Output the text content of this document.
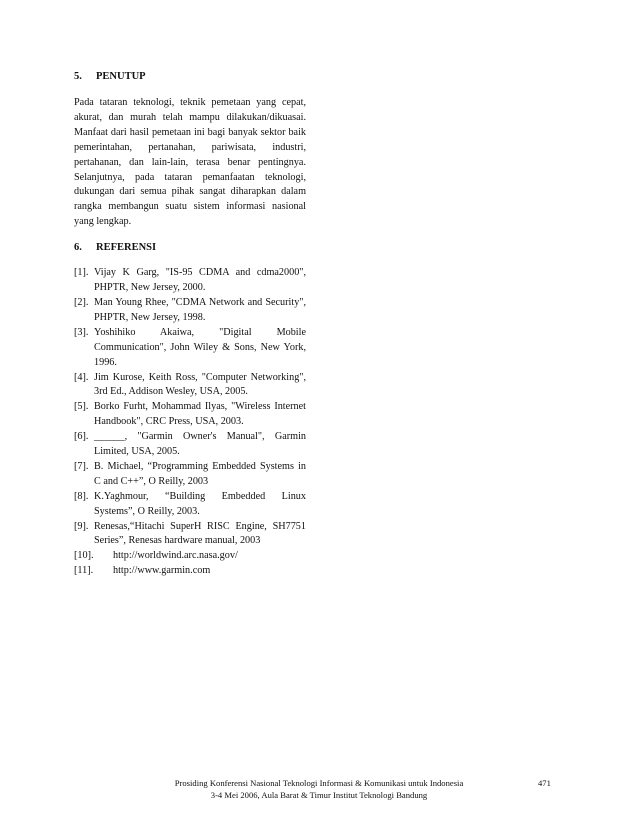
5. PENUTUP

Pada tataran teknologi, teknik pemetaan yang cepat, akurat, dan murah telah mampu dilakukan/dikuasai. Manfaat dari hasil pemetaan ini bagi banyak sektor baik pemerintahan, pertanahan, pariwisata, industri, pertahanan, dan lain-lain, terasa benar pentingnya. Selanjutnya, pada tataran pemanfaatan teknologi, dukungan dari semua pihak sangat diharapkan dalam rangka membangun suatu sistem informasi nasional yang lengkap.

6. REFERENSI
[1]. Vijay K Garg, "IS-95 CDMA and cdma2000", PHPTR, New Jersey, 2000.
[2]. Man Young Rhee, "CDMA Network and Security", PHPTR, New Jersey, 1998.
[3]. Yoshihiko Akaiwa, "Digital Mobile Communication", John Wiley & Sons, New York, 1996.
[4]. Jim Kurose, Keith Ross, "Computer Networking", 3rd Ed., Addison Wesley, USA, 2005.
[5]. Borko Furht, Mohammad Ilyas, "Wireless Internet Handbook", CRC Press, USA, 2003.
[6]. ______, "Garmin Owner's Manual", Garmin Limited, USA, 2005.
[7]. B. Michael, “Programming Embedded Systems in C and C++”, O Reilly, 2003
[8]. K.Yaghmour, “Building Embedded Linux Systems”, O Reilly, 2003.
[9]. Renesas,“Hitachi SuperH RISC Engine, SH7751 Series”, Renesas hardware manual, 2003
[10]. http://worldwind.arc.nasa.gov/
[11]. http://www.garmin.com
Prosiding Konferensi Nasional Teknologi Informasi & Komunikasi untuk Indonesia
3-4 Mei 2006, Aula Barat & Timur Institut Teknologi Bandung
471
